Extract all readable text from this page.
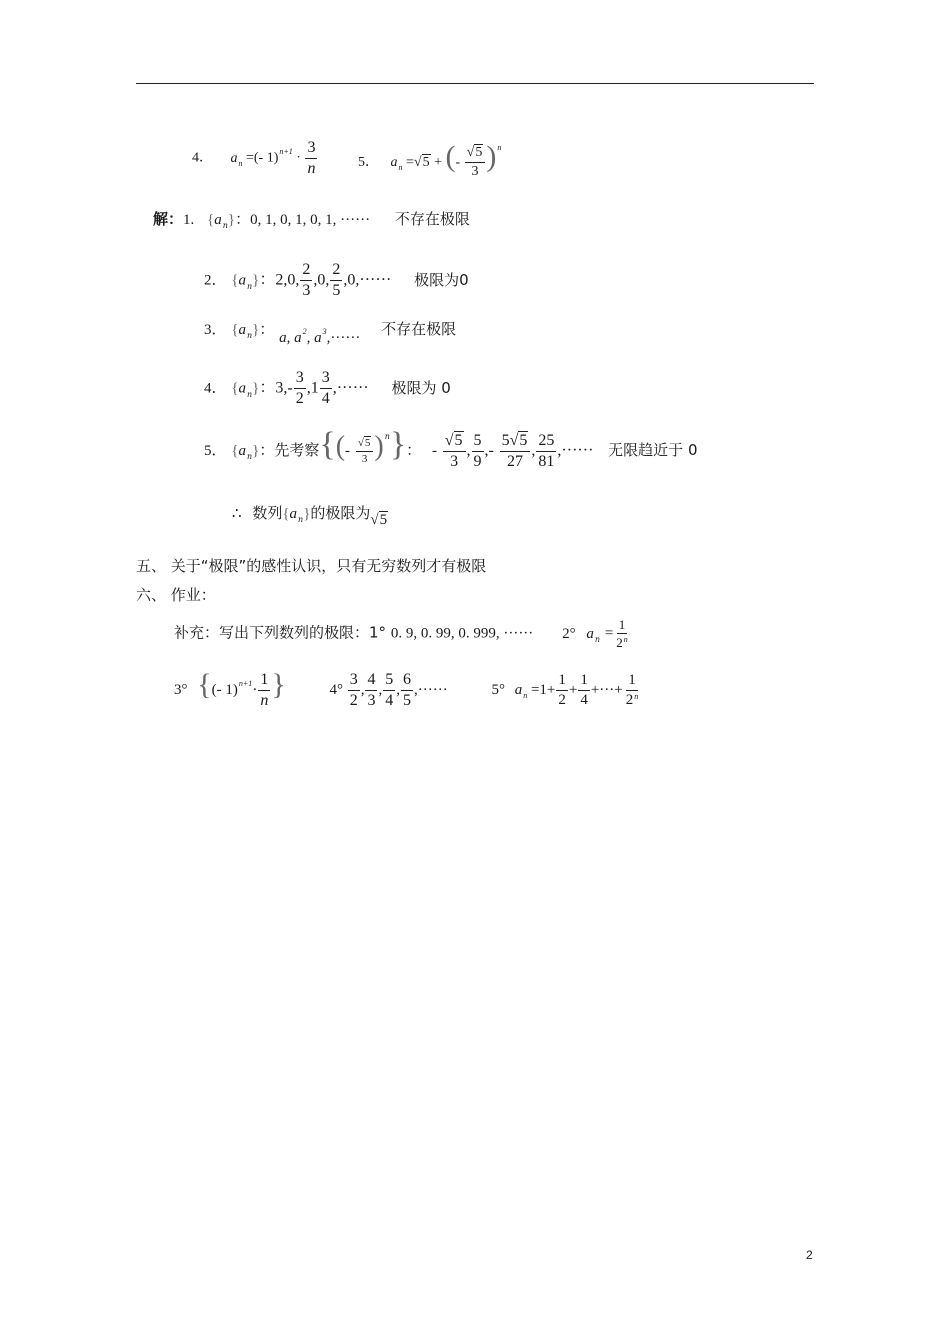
4． $a_n$ =(- $1)^{n+1} \cdot \frac{3}{n}$	5． $a_n =√5$ + (- $\frac{√5}{3} )^n$
解：1. $\{a_n\}$：0, 1, 0, 1, 0, 1, ······ 不存在极限
2． $\{a_n\}$：2,0, $\frac{2}{3} ,0$, $\frac{2}{5} ,0,\cdot\cdot\cdot\cdot\cdot\cdot$ 极限为0
3． $\{a_n\}$： a, $a^2$, $a^3,\cdot\cdot\cdot\cdot\cdot\cdot$ 不存在极限
4． $\{a_n\}$：$3,- \frac{3}{2} ,1 \frac{3}{4}$ ,······ 极限为 0
5． $\{a_n\}$：先考察{(- $\frac{√5}{3} )^n$}： - $\frac{√5}{3}$ , $\frac{5}{9}$ ,- $\frac{5√5}{27}$ , $\frac{25}{81}$ ,······ 无限趋近于 0
∴ 数列$\{a_n\}$的极限为√5
五、 关于“极限”的感性认识，只有无穷数列才有极限
六、 作业：
补充：写出下列数列的极限：1° 0. 9, 0. 99, 0. 999, ······ 2° $a_n = \frac{1}{2^n}$
3° {(- $1)^{n+1}\cdot \frac{1}{n}$ }	$4^\circ \frac{3}{2}$ , $\frac{4}{3}$ , $\frac{5}{4}$ , $\frac{6}{5}$ ,······	5° $a_n =1+ \frac{1}{2} + \frac{1}{4}$ +···+ $\frac{1}{2^n}$
2
